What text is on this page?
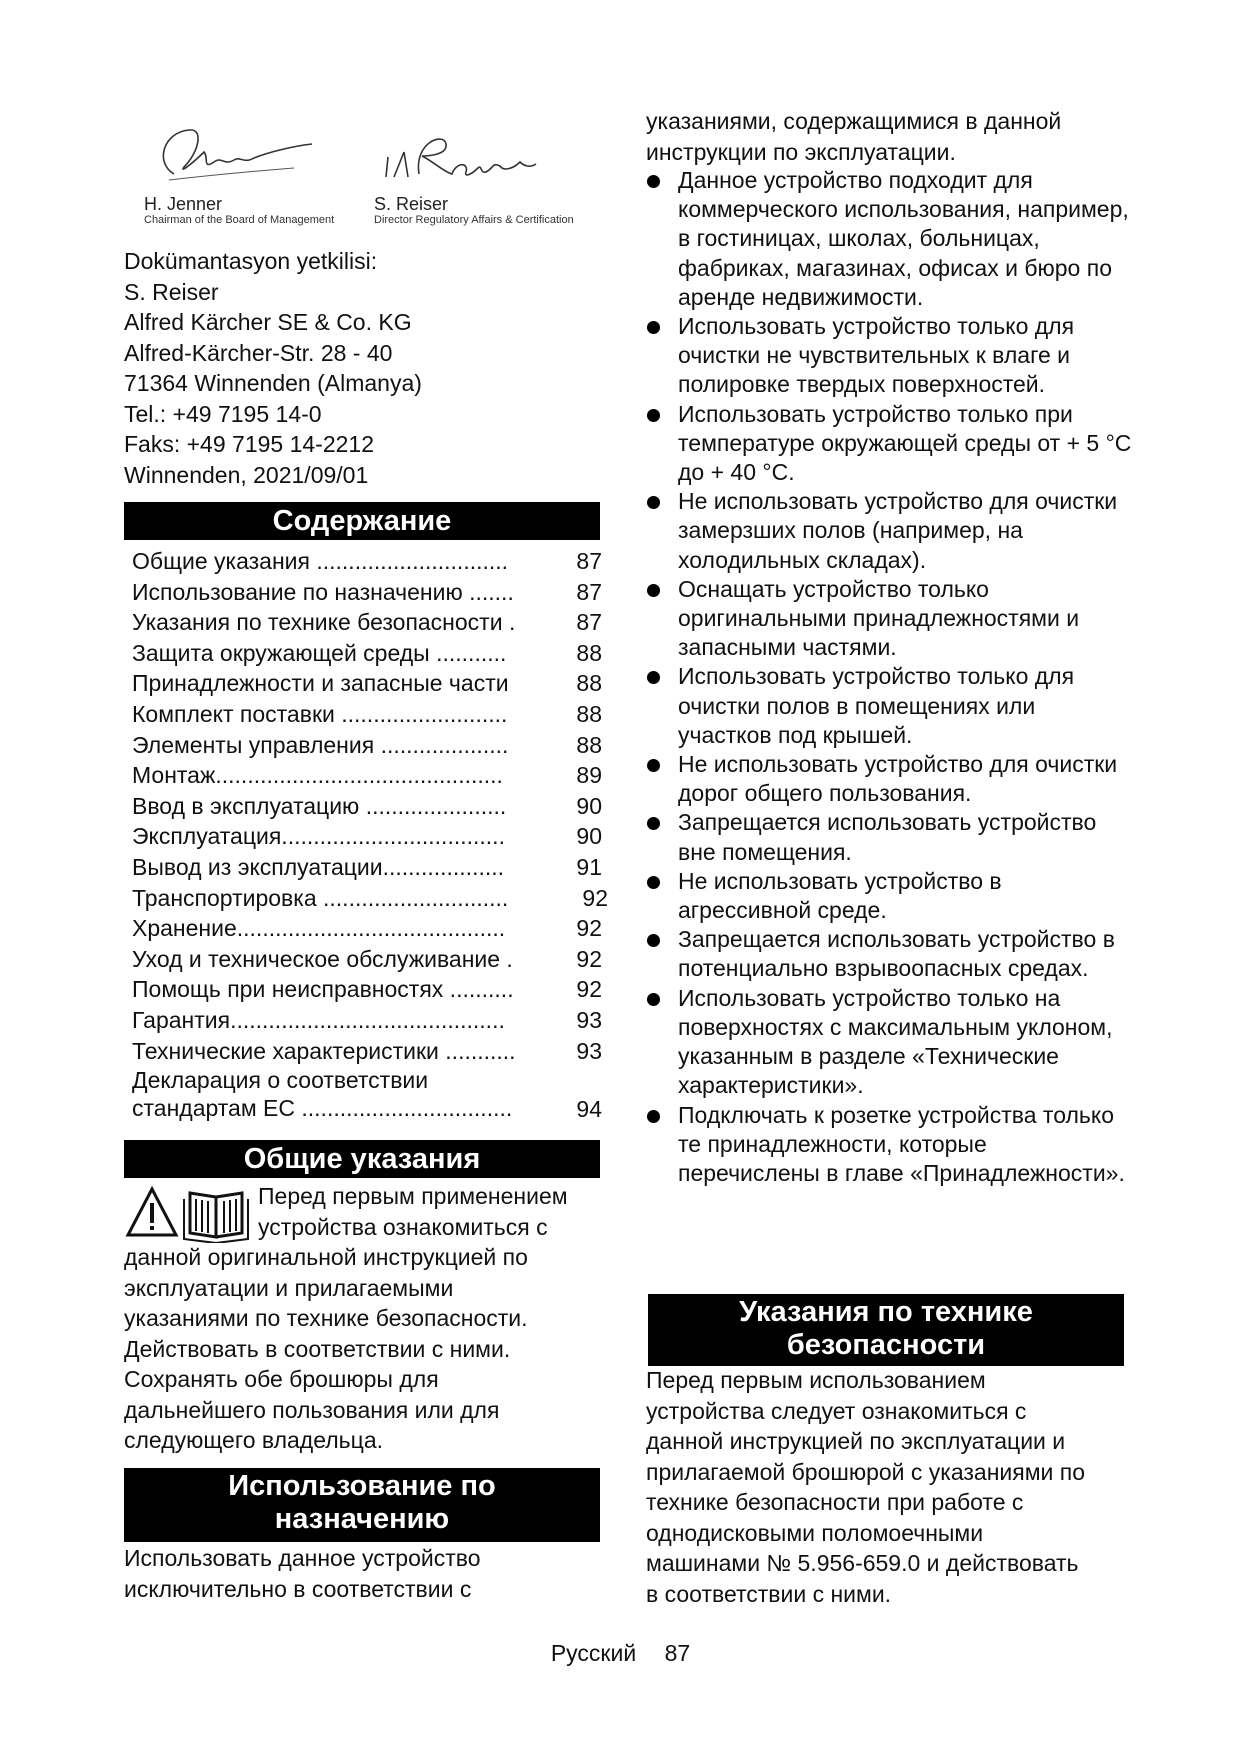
H. Jenner
Chairman of the Board of Management
S. Reiser
Director Regulatory Affairs & Certification
Dokümantasyon yetkilisi:
S. Reiser
Alfred Kärcher SE & Co. KG
Alfred-Kärcher-Str. 28 - 40
71364 Winnenden (Almanya)
Tel.: +49 7195 14-0
Faks: +49 7195 14-2212
Winnenden, 2021/09/01
Содержание
Общие указания ..............................	87
Использование по назначению .......	87
Указания по технике безопасности .	87
Защита окружающей среды ...........	88
Принадлежности и запасные части	88
Комплект поставки ..........................	88
Элементы управления ....................	88
Монтаж.............................................	89
Ввод в эксплуатацию ......................	90
Эксплуатация...................................	90
Вывод из эксплуатации...................	91
Транспортировка .............................	92
Хранение..........................................	92
Уход и техническое обслуживание .	92
Помощь при неисправностях ..........	92
Гарантия...........................................	93
Технические характеристики ...........	93
Декларация о соответствии стандартам ЕС .................................	94
Общие указания
Перед первым применением
устройства ознакомиться с
данной оригинальной инструкцией по
эксплуатации и прилагаемыми
указаниями по технике безопасности.
Действовать в соответствии с ними.
Сохранять обе брошюры для
дальнейшего пользования или для
следующего владельца.
Использование по
назначению
Использовать данное устройство
исключительно в соответствии с
указаниями, содержащимися в данной
инструкции по эксплуатации.
Данное устройство подходит для коммерческого использования, например, в гостиницах, школах, больницах, фабриках, магазинах, офисах и бюро по аренде недвижимости.
Использовать устройство только для очистки не чувствительных к влаге и полировке твердых поверхностей.
Использовать устройство только при температуре окружающей среды от + 5 °C до + 40 °C.
Не использовать устройство для очистки замерзших полов (например, на холодильных складах).
Оснащать устройство только оригинальными принадлежностями и запасными частями.
Использовать устройство только для очистки полов в помещениях или участков под крышей.
Не использовать устройство для очистки дорог общего пользования.
Запрещается использовать устройство вне помещения.
Не использовать устройство в агрессивной среде.
Запрещается использовать устройство в потенциально взрывоопасных средах.
Использовать устройство только на поверхностях с максимальным уклоном, указанным в разделе «Технические характеристики».
Подключать к розетке устройства только те принадлежности, которые перечислены в главе «Принадлежности».
Указания по технике
безопасности
Перед первым использованием
устройства следует ознакомиться с
данной инструкцией по эксплуатации и
прилагаемой брошюрой с указаниями по
технике безопасности при работе с
однодисковыми поломоечными
машинами № 5.956-659.0 и действовать
в соответствии с ними.
Русский 87
